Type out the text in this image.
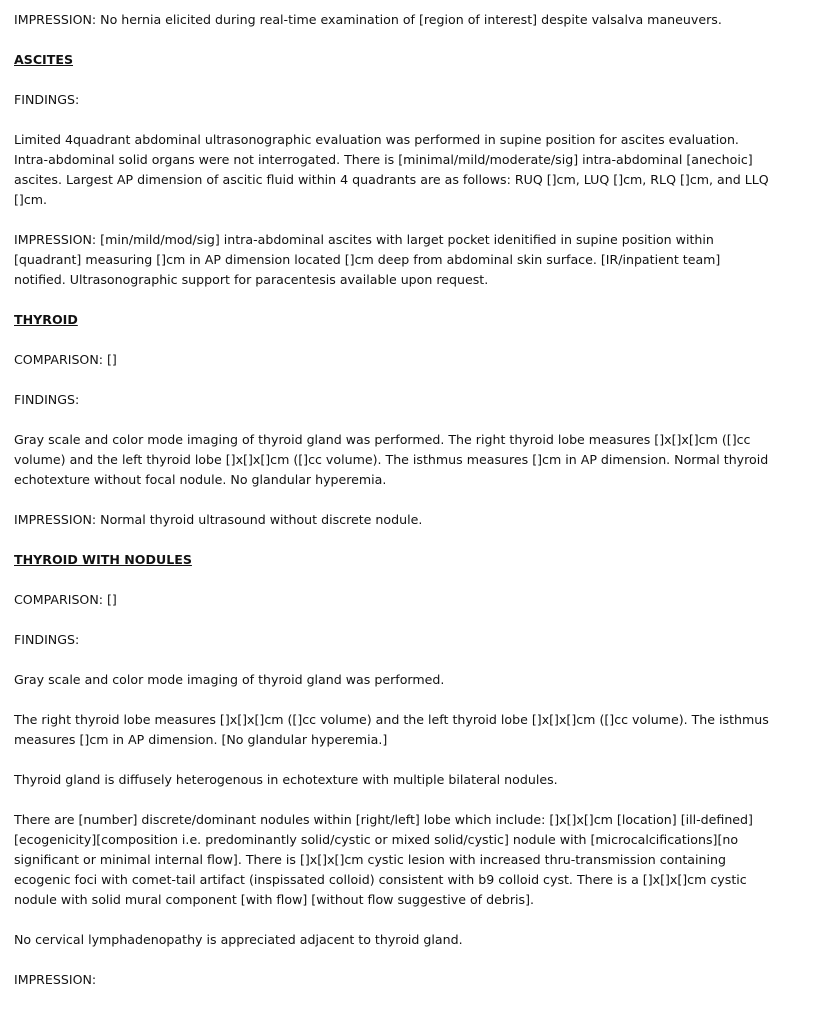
IMPRESSION: No hernia elicited during real-time examination of [region of interest] despite valsalva maneuvers.
ASCITES
FINDINGS:
Limited 4quadrant abdominal ultrasonographic evaluation was performed in supine position for ascites evaluation.
Intra-abdominal solid organs were not interrogated. There is [minimal/mild/moderate/sig] intra-abdominal [anechoic]
ascites. Largest AP dimension of ascitic fluid within 4 quadrants are as follows: RUQ []cm, LUQ []cm, RLQ []cm, and LLQ
[]cm.
IMPRESSION: [min/mild/mod/sig] intra-abdominal ascites with larget pocket idenitified in supine position within
[quadrant] measuring []cm in AP dimension located []cm deep from abdominal skin surface. [IR/inpatient team]
notified. Ultrasonographic support for paracentesis available upon request.
THYROID
COMPARISON: []
FINDINGS:
Gray scale and color mode imaging of thyroid gland was performed. The right thyroid lobe measures []x[]x[]cm ([]cc
volume) and the left thyroid lobe []x[]x[]cm ([]cc volume). The isthmus measures []cm in AP dimension. Normal thyroid
echotexture without focal nodule. No glandular hyperemia.
IMPRESSION: Normal thyroid ultrasound without discrete nodule.
THYROID WITH NODULES
COMPARISON: []
FINDINGS:
Gray scale and color mode imaging of thyroid gland was performed.
The right thyroid lobe measures []x[]x[]cm ([]cc volume) and the left thyroid lobe []x[]x[]cm ([]cc volume). The isthmus
measures []cm in AP dimension. [No glandular hyperemia.]
Thyroid gland is diffusely heterogenous in echotexture with multiple bilateral nodules.
There are [number] discrete/dominant nodules within [right/left] lobe which include: []x[]x[]cm [location] [ill-defined]
[ecogenicity][composition i.e. predominantly solid/cystic or mixed solid/cystic] nodule with [microcalcifications][no
significant or minimal internal flow]. There is []x[]x[]cm cystic lesion with increased thru-transmission containing
ecogenic foci with comet-tail artifact (inspissated colloid) consistent with b9 colloid cyst. There is a []x[]x[]cm cystic
nodule with solid mural component [with flow] [without flow suggestive of debris].
No cervical lymphadenopathy is appreciated adjacent to thyroid gland.
IMPRESSION:
